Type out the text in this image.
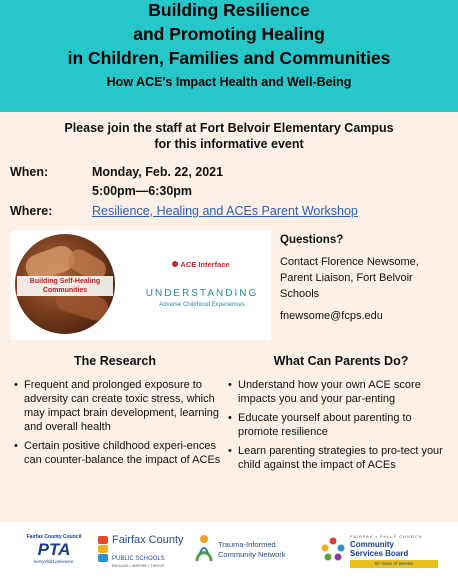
Building Resilience
and Promoting Healing
in Children, Families and Communities
How ACE's Impact Health and Well-Being
Please join the staff at Fort Belvoir Elementary Campus
for this informative event
When:	Monday, Feb. 22, 2021
5:00pm—6:30pm
Where:	Resilience, Healing and ACEs Parent Workshop
Building Self-Healing
Communities
ACE Interface
UNDERSTANDING
Adverse Childhood Experiences
Questions?
Contact Florence Newsome,
Parent Liaison, Fort Belvoir
Schools
fnewsome@fcps.edu
The Research	What Can Parents Do?
• Frequent and prolonged exposure to adversity can create toxic stress, which may impact brain development, learning and overall health
• Certain positive childhood experi-ences can counter-balance the impact of ACEs
• Understand how your own ACE score impacts you and your par-enting
• Educate yourself about parenting to promote resilience
• Learn parenting strategies to pro-tect your child against the impact of ACEs
Fairfax County Council
PTA
everychild.onevoice.
Fairfax County
PUBLIC SCHOOLS
ENGAGE • INSPIRE • THRIVE
Trauma-Informed
Community Network
FAIRFAX • FALLS CHURCH
Community
Services Board
50 Years of Service
